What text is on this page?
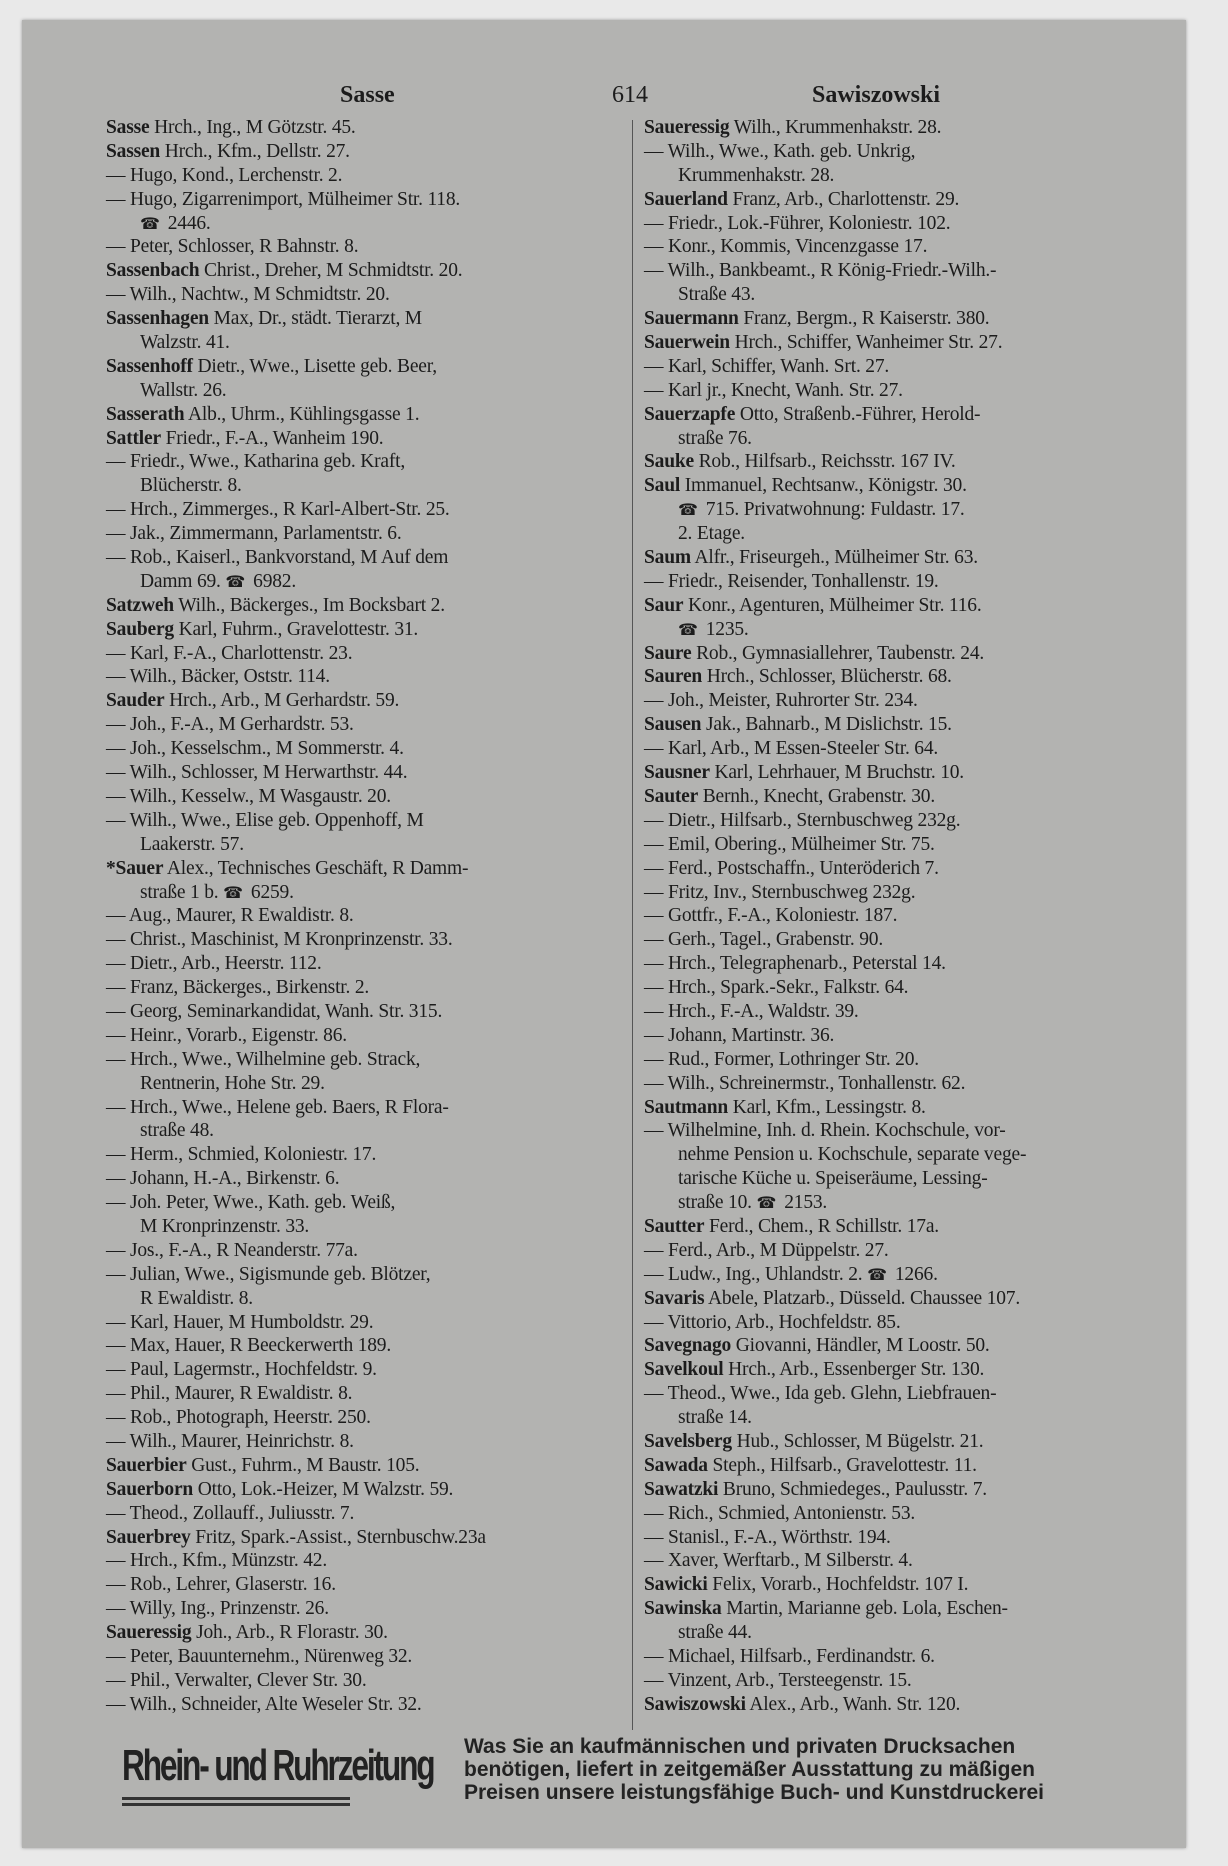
Sasse	614	Sawiszowski
Sasse Hrch., Ing., M Götzstr. 45.
Sassen Hrch., Kfm., Dellstr. 27.
— Hugo, Kond., Lerchenstr. 2.
— Hugo, Zigarrenimport, Mülheimer Str. 118.
☎ 2446.
— Peter, Schlosser, R Bahnstr. 8.
Sassenbach Christ., Dreher, M Schmidtstr. 20.
— Wilh., Nachtw., M Schmidtstr. 20.
Sassenhagen Max, Dr., städt. Tierarzt, M
Walzstr. 41.
Sassenhoff Dietr., Wwe., Lisette geb. Beer,
Wallstr. 26.
Sasserath Alb., Uhrm., Kühlingsgasse 1.
Sattler Friedr., F.-A., Wanheim 190.
— Friedr., Wwe., Katharina geb. Kraft,
Blücherstr. 8.
— Hrch., Zimmerges., R Karl-Albert-Str. 25.
— Jak., Zimmermann, Parlamentstr. 6.
— Rob., Kaiserl., Bankvorstand, M Auf dem
Damm 69. ☎ 6982.
Satzweh Wilh., Bäckerges., Im Bocksbart 2.
Sauberg Karl, Fuhrm., Gravelottestr. 31.
— Karl, F.-A., Charlottenstr. 23.
— Wilh., Bäcker, Oststr. 114.
Sauder Hrch., Arb., M Gerhardstr. 59.
— Joh., F.-A., M Gerhardstr. 53.
— Joh., Kesselschm., M Sommerstr. 4.
— Wilh., Schlosser, M Herwarthstr. 44.
— Wilh., Kesselw., M Wasgaustr. 20.
— Wilh., Wwe., Elise geb. Oppenhoff, M
Laakerstr. 57.
*Sauer Alex., Technisches Geschäft, R Damm-
straße 1 b. ☎ 6259.
— Aug., Maurer, R Ewaldistr. 8.
— Christ., Maschinist, M Kronprinzenstr. 33.
— Dietr., Arb., Heerstr. 112.
— Franz, Bäckerges., Birkenstr. 2.
— Georg, Seminarkandidat, Wanh. Str. 315.
— Heinr., Vorarb., Eigenstr. 86.
— Hrch., Wwe., Wilhelmine geb. Strack,
Rentnerin, Hohe Str. 29.
— Hrch., Wwe., Helene geb. Baers, R Flora-
straße 48.
— Herm., Schmied, Koloniestr. 17.
— Johann, H.-A., Birkenstr. 6.
— Joh. Peter, Wwe., Kath. geb. Weiß,
M Kronprinzenstr. 33.
— Jos., F.-A., R Neanderstr. 77a.
— Julian, Wwe., Sigismunde geb. Blötzer,
R Ewaldistr. 8.
— Karl, Hauer, M Humboldstr. 29.
— Max, Hauer, R Beeckerwerth 189.
— Paul, Lagermstr., Hochfeldstr. 9.
— Phil., Maurer, R Ewaldistr. 8.
— Rob., Photograph, Heerstr. 250.
— Wilh., Maurer, Heinrichstr. 8.
Sauerbier Gust., Fuhrm., M Baustr. 105.
Sauerborn Otto, Lok.-Heizer, M Walzstr. 59.
— Theod., Zollauff., Juliusstr. 7.
Sauerbrey Fritz, Spark.-Assist., Sternbuschw.23a
— Hrch., Kfm., Münzstr. 42.
— Rob., Lehrer, Glaserstr. 16.
— Willy, Ing., Prinzenstr. 26.
Saueressig Joh., Arb., R Florastr. 30.
— Peter, Bauunternehm., Nürenweg 32.
— Phil., Verwalter, Clever Str. 30.
— Wilh., Schneider, Alte Weseler Str. 32.
Saueressig Wilh., Krummenhakstr. 28.
— Wilh., Wwe., Kath. geb. Unkrig,
Krummenhakstr. 28.
Sauerland Franz, Arb., Charlottenstr. 29.
— Friedr., Lok.-Führer, Koloniestr. 102.
— Konr., Kommis, Vincenzgasse 17.
— Wilh., Bankbeamt., R König-Friedr.-Wilh.-
Straße 43.
Sauermann Franz, Bergm., R Kaiserstr. 380.
Sauerwein Hrch., Schiffer, Wanheimer Str. 27.
— Karl, Schiffer, Wanh. Srt. 27.
— Karl jr., Knecht, Wanh. Str. 27.
Sauerzapfe Otto, Straßenb.-Führer, Herold-
straße 76.
Sauke Rob., Hilfsarb., Reichsstr. 167 IV.
Saul Immanuel, Rechtsanw., Königstr. 30.
☎ 715. Privatwohnung: Fuldastr. 17.
2. Etage.
Saum Alfr., Friseurgeh., Mülheimer Str. 63.
— Friedr., Reisender, Tonhallenstr. 19.
Saur Konr., Agenturen, Mülheimer Str. 116.
☎ 1235.
Saure Rob., Gymnasiallehrer, Taubenstr. 24.
Sauren Hrch., Schlosser, Blücherstr. 68.
— Joh., Meister, Ruhrorter Str. 234.
Sausen Jak., Bahnarb., M Dislichstr. 15.
— Karl, Arb., M Essen-Steeler Str. 64.
Sausner Karl, Lehrhauer, M Bruchstr. 10.
Sauter Bernh., Knecht, Grabenstr. 30.
— Dietr., Hilfsarb., Sternbuschweg 232g.
— Emil, Obering., Mülheimer Str. 75.
— Ferd., Postschaffn., Unteröderich 7.
— Fritz, Inv., Sternbuschweg 232g.
— Gottfr., F.-A., Koloniestr. 187.
— Gerh., Tagel., Grabenstr. 90.
— Hrch., Telegraphenarb., Peterstal 14.
— Hrch., Spark.-Sekr., Falkstr. 64.
— Hrch., F.-A., Waldstr. 39.
— Johann, Martinstr. 36.
— Rud., Former, Lothringer Str. 20.
— Wilh., Schreinermstr., Tonhallenstr. 62.
Sautmann Karl, Kfm., Lessingstr. 8.
— Wilhelmine, Inh. d. Rhein. Kochschule, vor-
nehme Pension u. Kochschule, separate vege-
tarische Küche u. Speiseräume, Lessing-
straße 10. ☎ 2153.
Sautter Ferd., Chem., R Schillstr. 17a.
— Ferd., Arb., M Düppelstr. 27.
— Ludw., Ing., Uhlandstr. 2. ☎ 1266.
Savaris Abele, Platzarb., Düsseld. Chaussee 107.
— Vittorio, Arb., Hochfeldstr. 85.
Savegnago Giovanni, Händler, M Loostr. 50.
Savelkoul Hrch., Arb., Essenberger Str. 130.
— Theod., Wwe., Ida geb. Glehn, Liebfrauen-
straße 14.
Savelsberg Hub., Schlosser, M Bügelstr. 21.
Sawada Steph., Hilfsarb., Gravelottestr. 11.
Sawatzki Bruno, Schmiedeges., Paulusstr. 7.
— Rich., Schmied, Antonienstr. 53.
— Stanisl., F.-A., Wörthstr. 194.
— Xaver, Werftarb., M Silberstr. 4.
Sawicki Felix, Vorarb., Hochfeldstr. 107 I.
Sawinska Martin, Marianne geb. Lola, Eschen-
straße 44.
— Michael, Hilfsarb., Ferdinandstr. 6.
— Vinzent, Arb., Tersteegenstr. 15.
Sawiszowski Alex., Arb., Wanh. Str. 120.
Rhein- und Ruhrzeitung Was Sie an kaufmännischen und privaten Drucksachen
benötigen, liefert in zeitgemäßer Ausstattung zu mäßigen
Preisen unsere leistungsfähige Buch- und Kunstdruckerei
